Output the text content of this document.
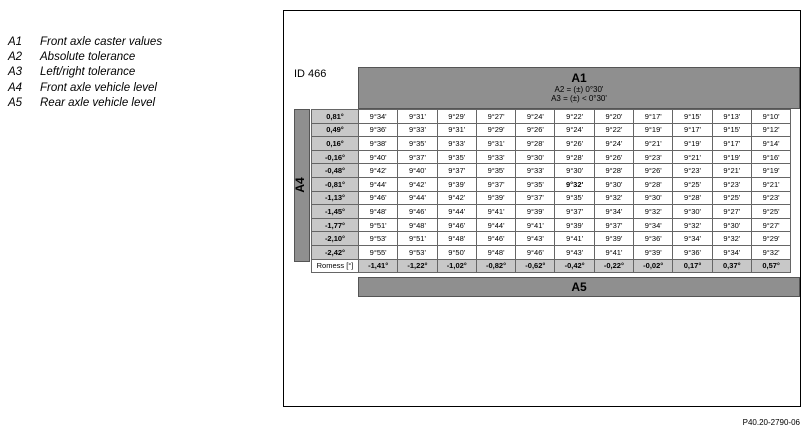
A1	Front axle caster values
A2	Absolute tolerance
A3	Left/right tolerance
A4	Front axle vehicle level
A5	Rear axle vehicle level
ID 466	A1
A2 = (±) 0°30'
A3 = (±) < 0°30'
A4
0,81°	9°34'	9°31'	9°29'	9°27'	9°24'	9°22'	9°20'	9°17'	9°15'	9°13'	9°10'
0,49°	9°36'	9°33'	9°31'	9°29'	9°26'	9°24'	9°22'	9°19'	9°17'	9°15'	9°12'
0,16°	9°38'	9°35'	9°33'	9°31'	9°28'	9°26'	9°24'	9°21'	9°19'	9°17'	9°14'
-0,16°	9°40'	9°37'	9°35'	9°33'	9°30'	9°28'	9°26'	9°23'	9°21'	9°19'	9°16'
-0,48°	9°42'	9°40'	9°37'	9°35'	9°33'	9°30'	9°28'	9°26'	9°23'	9°21'	9°19'
-0,81°	9°44'	9°42'	9°39'	9°37'	9°35'	9°32'	9°30'	9°28'	9°25'	9°23'	9°21'
-1,13°	9°46'	9°44'	9°42'	9°39'	9°37'	9°35'	9°32'	9°30'	9°28'	9°25'	9°23'
-1,45°	9°48'	9°46'	9°44'	9°41'	9°39'	9°37'	9°34'	9°32'	9°30'	9°27'	9°25'
-1,77°	9°51'	9°48'	9°46'	9°44'	9°41'	9°39'	9°37'	9°34'	9°32'	9°30'	9°27'
-2,10°	9°53'	9°51'	9°48'	9°46'	9°43'	9°41'	9°39'	9°36'	9°34'	9°32'	9°29'
-2,42°	9°55'	9°53'	9°50'	9°48'	9°46'	9°43'	9°41'	9°39'	9°36'	9°34'	9°32'
Romess [°]	-1,41°	-1,22°	-1,02°	-0,82°	-0,62°	-0,42°	-0,22°	-0,02°	0,17°	0,37°	0,57°
A5
P40.20-2790-06
